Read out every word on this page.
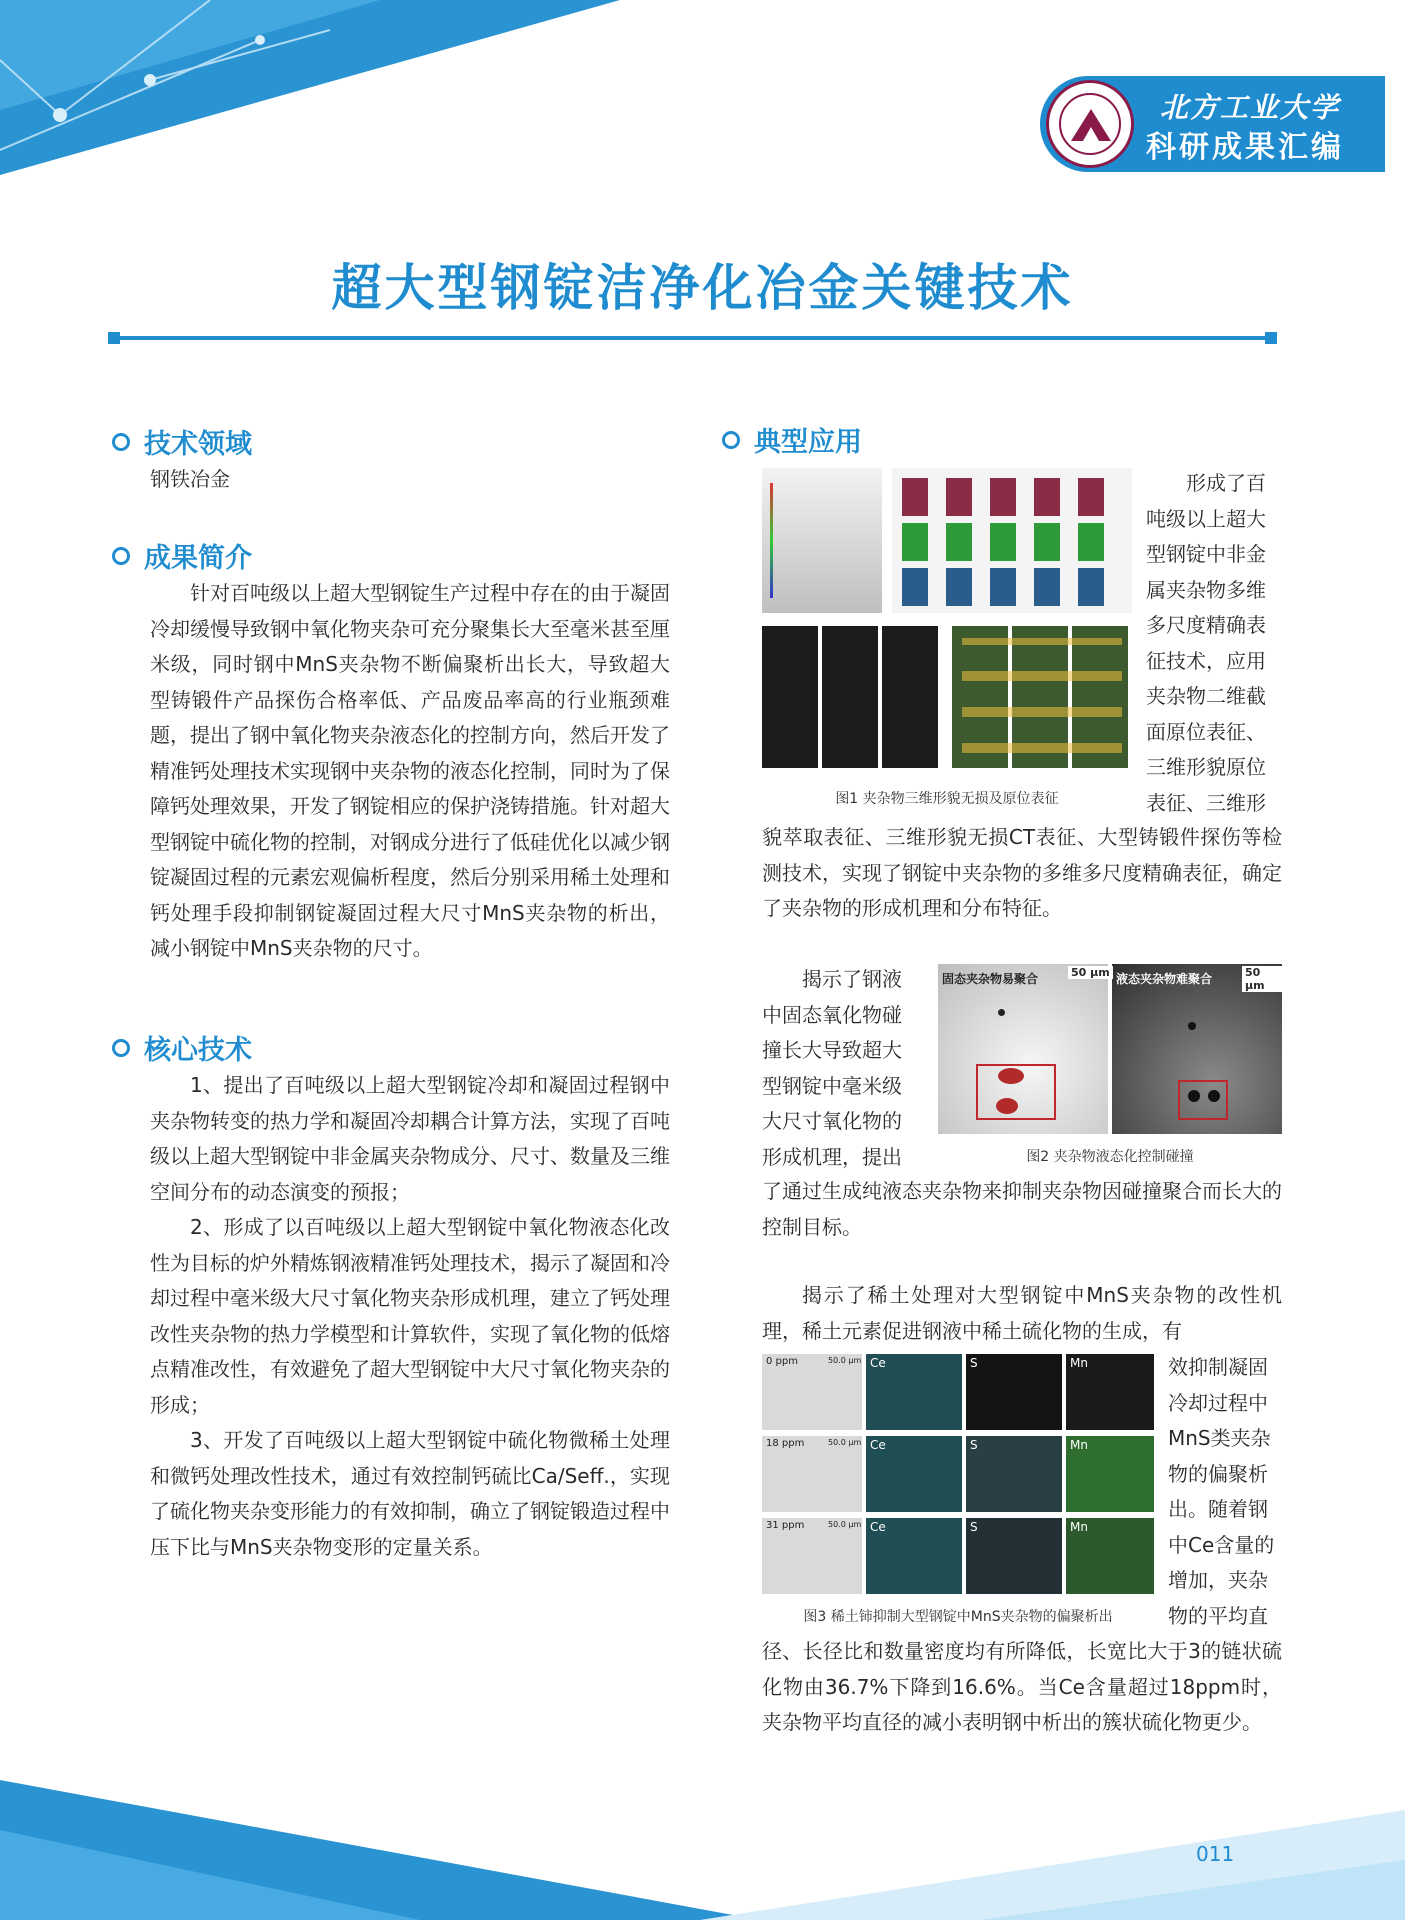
北方工业大学
科研成果汇编
超大型钢锭洁净化冶金关键技术
技术领域
钢铁冶金
成果简介

针对百吨级以上超大型钢锭生产过程中存在的由于凝固冷却缓慢导致钢中氧化物夹杂可充分聚集长大至毫米甚至厘米级，同时钢中MnS夹杂物不断偏聚析出长大，导致超大型铸锻件产品探伤合格率低、产品废品率高的行业瓶颈难题，提出了钢中氧化物夹杂液态化的控制方向，然后开发了精准钙处理技术实现钢中夹杂物的液态化控制，同时为了保障钙处理效果，开发了钢锭相应的保护浇铸措施。针对超大型钢锭中硫化物的控制，对钢成分进行了低硅优化以减少钢锭凝固过程的元素宏观偏析程度，然后分别采用稀土处理和钙处理手段抑制钢锭凝固过程大尺寸MnS夹杂物的析出，减小钢锭中MnS夹杂物的尺寸。

核心技术

1、提出了百吨级以上超大型钢锭冷却和凝固过程钢中夹杂物转变的热力学和凝固冷却耦合计算方法，实现了百吨级以上超大型钢锭中非金属夹杂物成分、尺寸、数量及三维空间分布的动态演变的预报；

2、形成了以百吨级以上超大型钢锭中氧化物液态化改性为目标的炉外精炼钢液精准钙处理技术，揭示了凝固和冷却过程中毫米级大尺寸氧化物夹杂形成机理，建立了钙处理改性夹杂物的热力学模型和计算软件，实现了氧化物的低熔点精准改性，有效避免了超大型钢锭中大尺寸氧化物夹杂的形成；

3、开发了百吨级以上超大型钢锭中硫化物微稀土处理和微钙处理改性技术，通过有效控制钙硫比Ca/Seff.，实现了硫化物夹杂变形能力的有效抑制，确立了钢锭锻造过程中压下比与MnS夹杂物变形的定量关系。

典型应用
图1 夹杂物三维形貌无损及原位表征
形成了百
吨级以上超大
型钢锭中非金
属夹杂物多维
多尺度精确表
征技术，应用
夹杂物二维截
面原位表征、
三维形貌原位
表征、三维形
貌萃取表征、三维形貌无损CT表征、大型铸锻件探伤等检测技术，实现了钢锭中夹杂物的多维多尺度精确表征，确定了夹杂物的形成机理和分布特征。
揭示了钢液
中固态氧化物碰
撞长大导致超大
型钢锭中毫米级
大尺寸氧化物的
形成机理，提出
固态夹杂物易聚合	液态夹杂物难聚合
50 μm	50 μm
图2 夹杂物液态化控制碰撞
了通过生成纯液态夹杂物来抑制夹杂物因碰撞聚合而长大的控制目标。

揭示了稀土处理对大型钢锭中MnS夹杂物的改性机理，稀土元素促进钢液中稀土硫化物的生成，有

0 ppm
18 ppm
31 ppm
50.0 μm
50.0 μm
50.0 μm
Ce	S	Mn
Ce	S	Mn
Ce	S	Mn
图3 稀土铈抑制大型钢锭中MnS夹杂物的偏聚析出
效抑制凝固
冷却过程中
MnS类夹杂
物的偏聚析
出。随着钢
中Ce含量的
增加，夹杂
物的平均直
径、长径比和数量密度均有所降低，长宽比大于3的链状硫化物由36.7%下降到16.6%。当Ce含量超过18ppm时，夹杂物平均直径的减小表明钢中析出的簇状硫化物更少。
011
